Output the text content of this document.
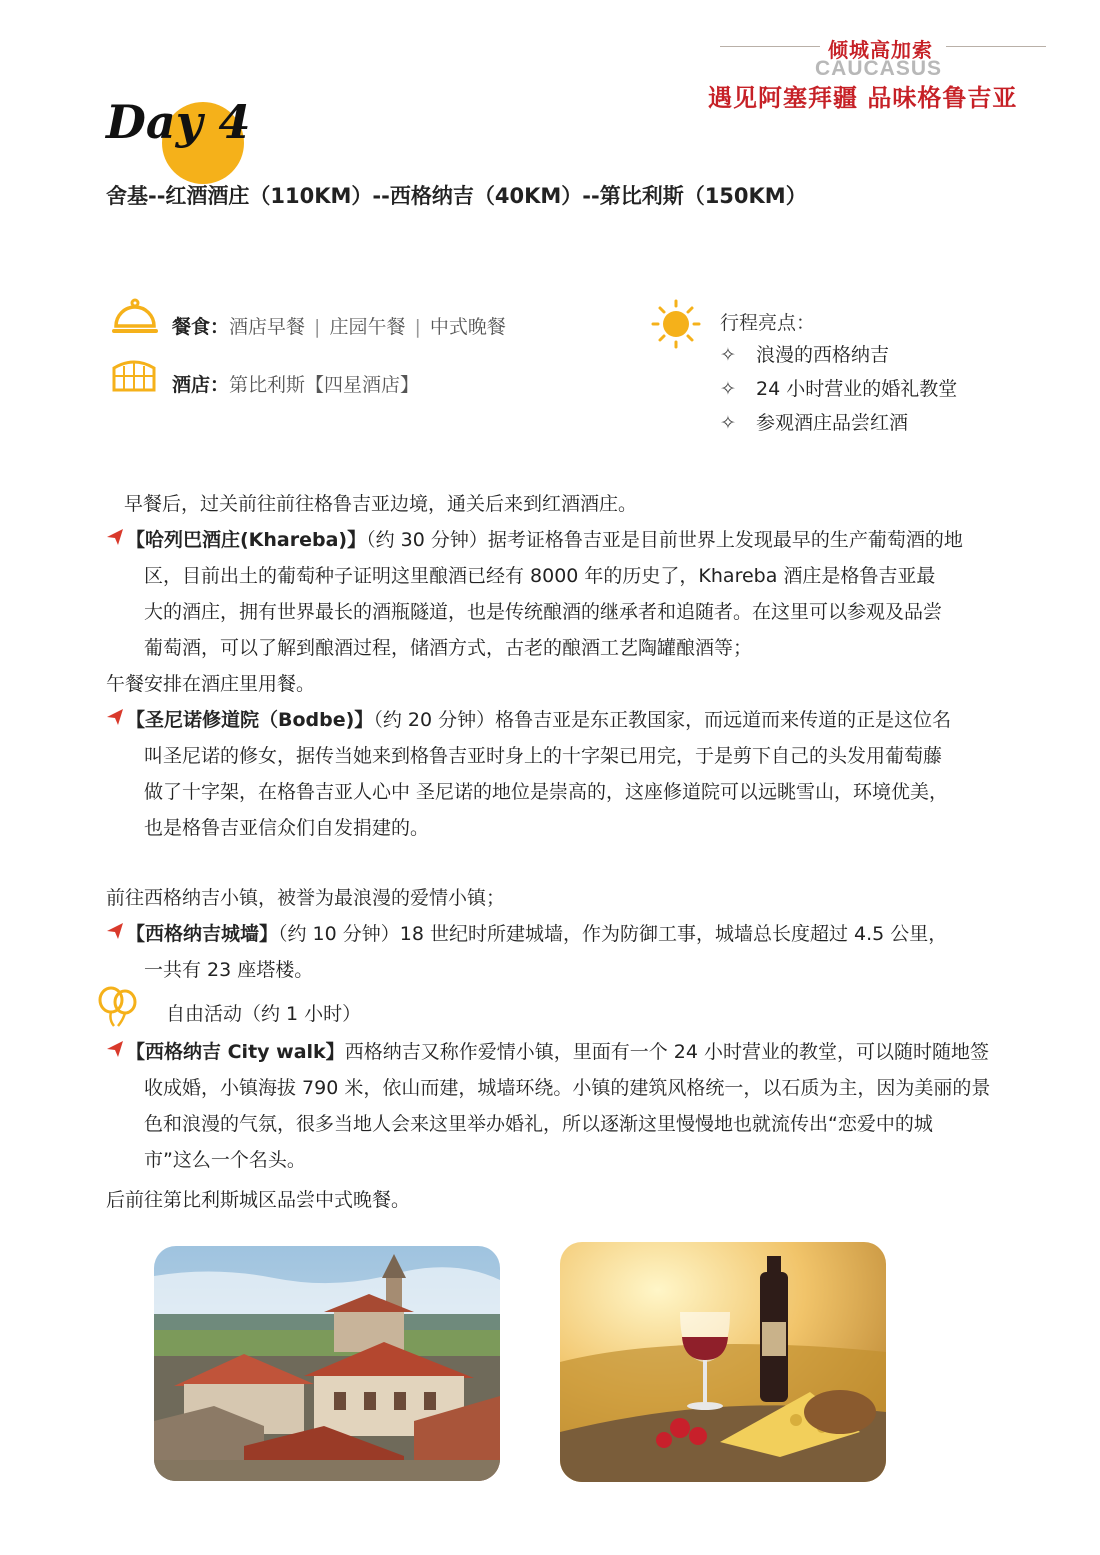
倾城高加索
CAUCASUS
遇见阿塞拜疆 品味格鲁吉亚
Day 4
舍基--红酒酒庄（110KM）--西格纳吉（40KM）--第比利斯（150KM）
餐食：酒店早餐 | 庄园午餐 | 中式晚餐
酒店：第比利斯【四星酒店】
行程亮点：
✧ 浪漫的西格纳吉
✧ 24 小时营业的婚礼教堂
✧ 参观酒庄品尝红酒
早餐后，过关前往前往格鲁吉亚边境，通关后来到红酒酒庄。
【哈列巴酒庄(Khareba)】（约 30 分钟）据考证格鲁吉亚是目前世界上发现最早的生产葡萄酒的地
区，目前出土的葡萄种子证明这里酿酒已经有 8000 年的历史了，Khareba 酒庄是格鲁吉亚最
大的酒庄，拥有世界最长的酒瓶隧道，也是传统酿酒的继承者和追随者。在这里可以参观及品尝
葡萄酒，可以了解到酿酒过程，储酒方式，古老的酿酒工艺陶罐酿酒等；
午餐安排在酒庄里用餐。
【圣尼诺修道院（Bodbe)】（约 20 分钟）格鲁吉亚是东正教国家，而远道而来传道的正是这位名
叫圣尼诺的修女，据传当她来到格鲁吉亚时身上的十字架已用完，于是剪下自己的头发用葡萄藤
做了十字架，在格鲁吉亚人心中 圣尼诺的地位是崇高的，这座修道院可以远眺雪山，环境优美，
也是格鲁吉亚信众们自发捐建的。
前往西格纳吉小镇，被誉为最浪漫的爱情小镇；
【西格纳吉城墙】（约 10 分钟）18 世纪时所建城墙，作为防御工事，城墙总长度超过 4.5 公里，
一共有 23 座塔楼。
自由活动（约 1 小时）
【西格纳吉 City walk】西格纳吉又称作爱情小镇，里面有一个 24 小时营业的教堂，可以随时随地签
收成婚，小镇海拔 790 米，依山而建，城墙环绕。小镇的建筑风格统一，以石质为主，因为美丽的景
色和浪漫的气氛，很多当地人会来这里举办婚礼，所以逐渐这里慢慢地也就流传出“恋爱中的城
市”这么一个名头。
后前往第比利斯城区品尝中式晚餐。
